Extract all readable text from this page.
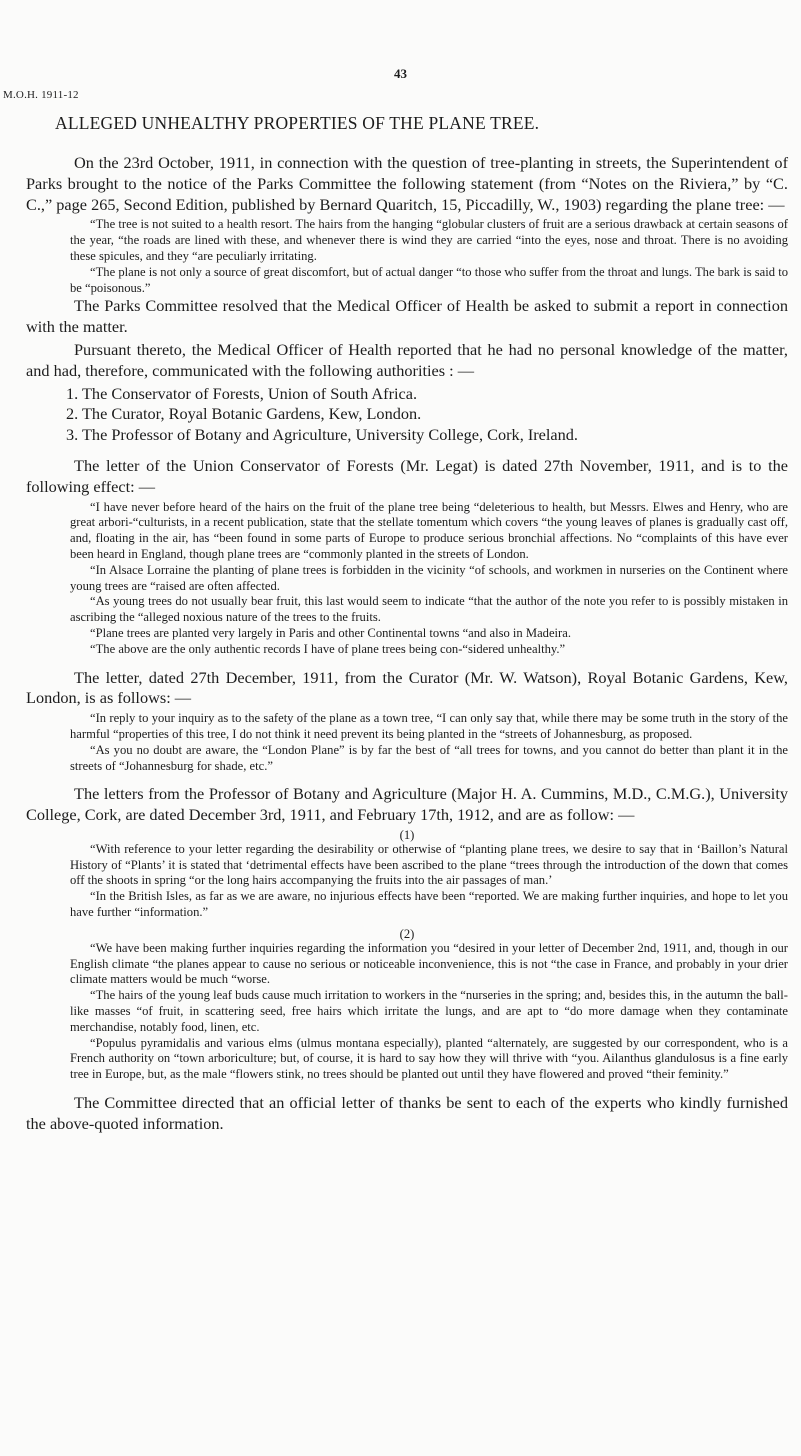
M.O.H. 1911-12
43
ALLEGED UNHEALTHY PROPERTIES OF THE PLANE TREE.

On the 23rd October, 1911, in connection with the question of tree-planting in streets, the Superintendent of Parks brought to the notice of the Parks Committee the following statement (from “Notes on the Riviera,” by “C. C.,” page 265, Second Edition, published by Bernard Quaritch, 15, Piccadilly, W., 1903) regarding the plane tree: —

“The tree is not suited to a health resort. The hairs from the hanging “globular clusters of fruit are a serious drawback at certain seasons of the year, “the roads are lined with these, and whenever there is wind they are carried “into the eyes, nose and throat. There is no avoiding these spicules, and they “are peculiarly irritating.

“The plane is not only a source of great discomfort, but of actual danger “to those who suffer from the throat and lungs. The bark is said to be “poisonous.”

The Parks Committee resolved that the Medical Officer of Health be asked to submit a report in connection with the matter.

Pursuant thereto, the Medical Officer of Health reported that he had no personal knowledge of the matter, and had, therefore, communicated with the following authorities : —

1. The Conservator of Forests, Union of South Africa.
2. The Curator, Royal Botanic Gardens, Kew, London.
3. The Professor of Botany and Agriculture, University College, Cork, Ireland.

The letter of the Union Conservator of Forests (Mr. Legat) is dated 27th November, 1911, and is to the following effect: —

“I have never before heard of the hairs on the fruit of the plane tree being “deleterious to health, but Messrs. Elwes and Henry, who are great arbori-“culturists, in a recent publication, state that the stellate tomentum which covers “the young leaves of planes is gradually cast off, and, floating in the air, has “been found in some parts of Europe to produce serious bronchial affections. No “complaints of this have ever been heard in England, though plane trees are “commonly planted in the streets of London.

“In Alsace Lorraine the planting of plane trees is forbidden in the vicinity “of schools, and workmen in nurseries on the Continent where young trees are “raised are often affected.

“As young trees do not usually bear fruit, this last would seem to indicate “that the author of the note you refer to is possibly mistaken in ascribing the “alleged noxious nature of the trees to the fruits.

“Plane trees are planted very largely in Paris and other Continental towns “and also in Madeira.

“The above are the only authentic records I have of plane trees being con-“sidered unhealthy.”

The letter, dated 27th December, 1911, from the Curator (Mr. W. Watson), Royal Botanic Gardens, Kew, London, is as follows: —

“In reply to your inquiry as to the safety of the plane as a town tree, “I can only say that, while there may be some truth in the story of the harmful “properties of this tree, I do not think it need prevent its being planted in the “streets of Johannesburg, as proposed.

“As you no doubt are aware, the “London Plane” is by far the best of “all trees for towns, and you cannot do better than plant it in the streets of “Johannesburg for shade, etc.”

The letters from the Professor of Botany and Agriculture (Major H. A. Cummins, M.D., C.M.G.), University College, Cork, are dated December 3rd, 1911, and February 17th, 1912, and are as follow: —

(1)

“With reference to your letter regarding the desirability or otherwise of “planting plane trees, we desire to say that in ‘Baillon’s Natural History of “Plants’ it is stated that ‘detrimental effects have been ascribed to the plane “trees through the introduction of the down that comes off the shoots in spring “or the long hairs accompanying the fruits into the air passages of man.’

“In the British Isles, as far as we are aware, no injurious effects have been “reported. We are making further inquiries, and hope to let you have further “information.”

(2)

“We have been making further inquiries regarding the information you “desired in your letter of December 2nd, 1911, and, though in our English climate “the planes appear to cause no serious or noticeable inconvenience, this is not “the case in France, and probably in your drier climate matters would be much “worse.

“The hairs of the young leaf buds cause much irritation to workers in the “nurseries in the spring; and, besides this, in the autumn the ball-like masses “of fruit, in scattering seed, free hairs which irritate the lungs, and are apt to “do more damage when they contaminate merchandise, notably food, linen, etc.

“Populus pyramidalis and various elms (ulmus montana especially), planted “alternately, are suggested by our correspondent, who is a French authority on “town arboriculture; but, of course, it is hard to say how they will thrive with “you. Ailanthus glandulosus is a fine early tree in Europe, but, as the male “flowers stink, no trees should be planted out until they have flowered and proved “their feminity.”

The Committee directed that an official letter of thanks be sent to each of the experts who kindly furnished the above-quoted information.
